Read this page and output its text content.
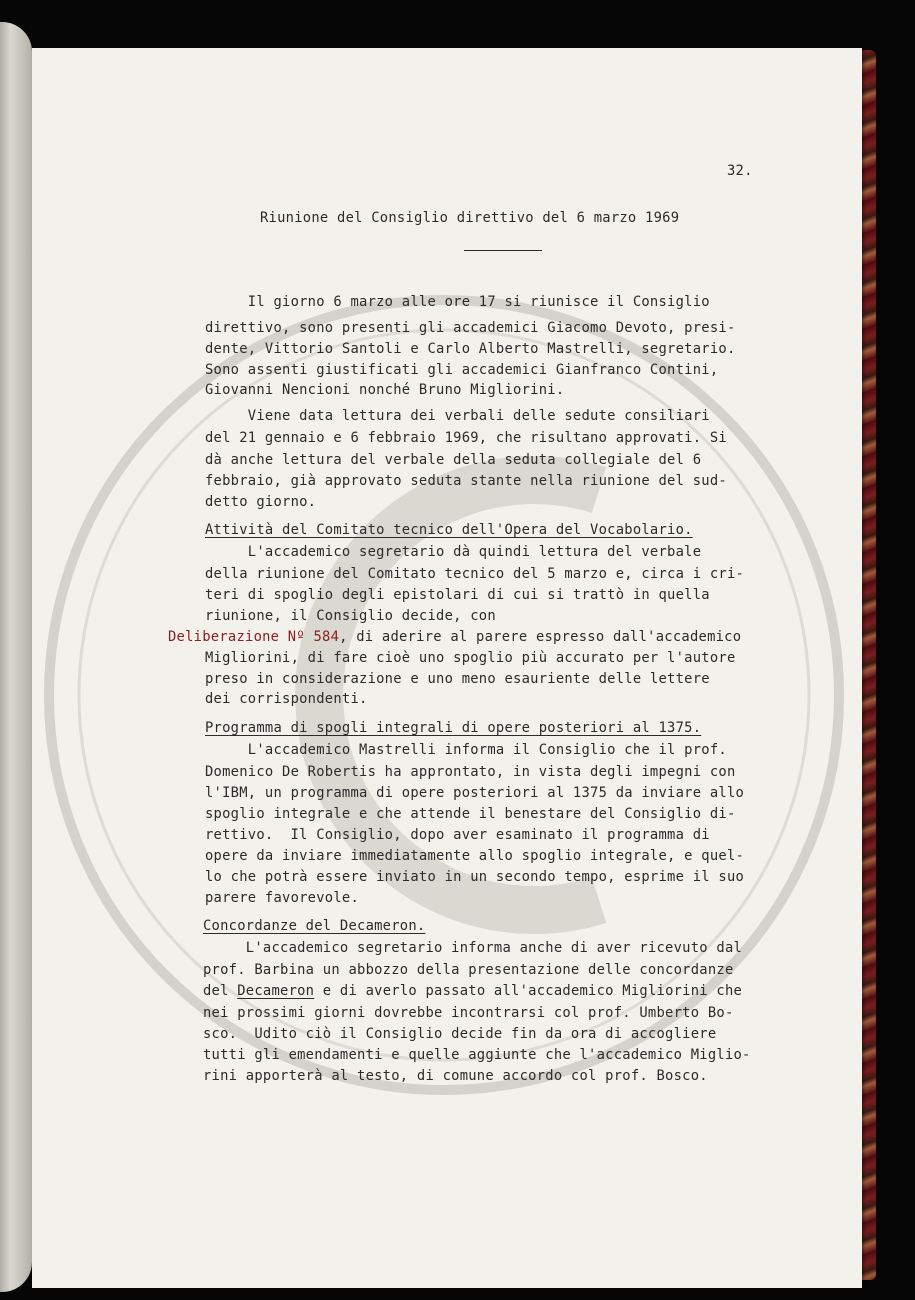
32.

Riunione del Consiglio direttivo del 6 marzo 1969

Il giorno 6 marzo alle ore 17 si riunisce il Consiglio

direttivo, sono presenti gli accademici Giacomo Devoto, presi-

dente, Vittorio Santoli e Carlo Alberto Mastrelli, segretario.

Sono assenti giustificati gli accademici Gianfranco Contini,

Giovanni Nencioni nonché Bruno Migliorini.

Viene data lettura dei verbali delle sedute consiliari

del 21 gennaio e 6 febbraio 1969, che risultano approvati. Si

dà anche lettura del verbale della seduta collegiale del 6

febbraio, già approvato seduta stante nella riunione del sud-

detto giorno.

Attività del Comitato tecnico dell'Opera del Vocabolario.

L'accademico segretario dà quindi lettura del verbale

della riunione del Comitato tecnico del 5 marzo e, circa i cri-

teri di spoglio degli epistolari di cui si trattò in quella

riunione, il Consiglio decide, con

Deliberazione Nº 584, di aderire al parere espresso dall'accademico

Migliorini, di fare cioè uno spoglio più accurato per l'autore

preso in considerazione e uno meno esauriente delle lettere

dei corrispondenti.

Programma di spogli integrali di opere posteriori al 1375.

L'accademico Mastrelli informa il Consiglio che il prof.

Domenico De Robertis ha approntato, in vista degli impegni con

l'IBM, un programma di opere posteriori al 1375 da inviare allo

spoglio integrale e che attende il benestare del Consiglio di-

rettivo.  Il Consiglio, dopo aver esaminato il programma di

opere da inviare immediatamente allo spoglio integrale, e quel-

lo che potrà essere inviato in un secondo tempo, esprime il suo

parere favorevole.

Concordanze del Decameron.

L'accademico segretario informa anche di aver ricevuto dal

prof. Barbina un abbozzo della presentazione delle concordanze

del Decameron e di averlo passato all'accademico Migliorini che

nei prossimi giorni dovrebbe incontrarsi col prof. Umberto Bo-

sco.  Udito ciò il Consiglio decide fin da ora di accogliere

tutti gli emendamenti e quelle aggiunte che l'accademico Miglio-

rini apporterà al testo, di comune accordo col prof. Bosco.
